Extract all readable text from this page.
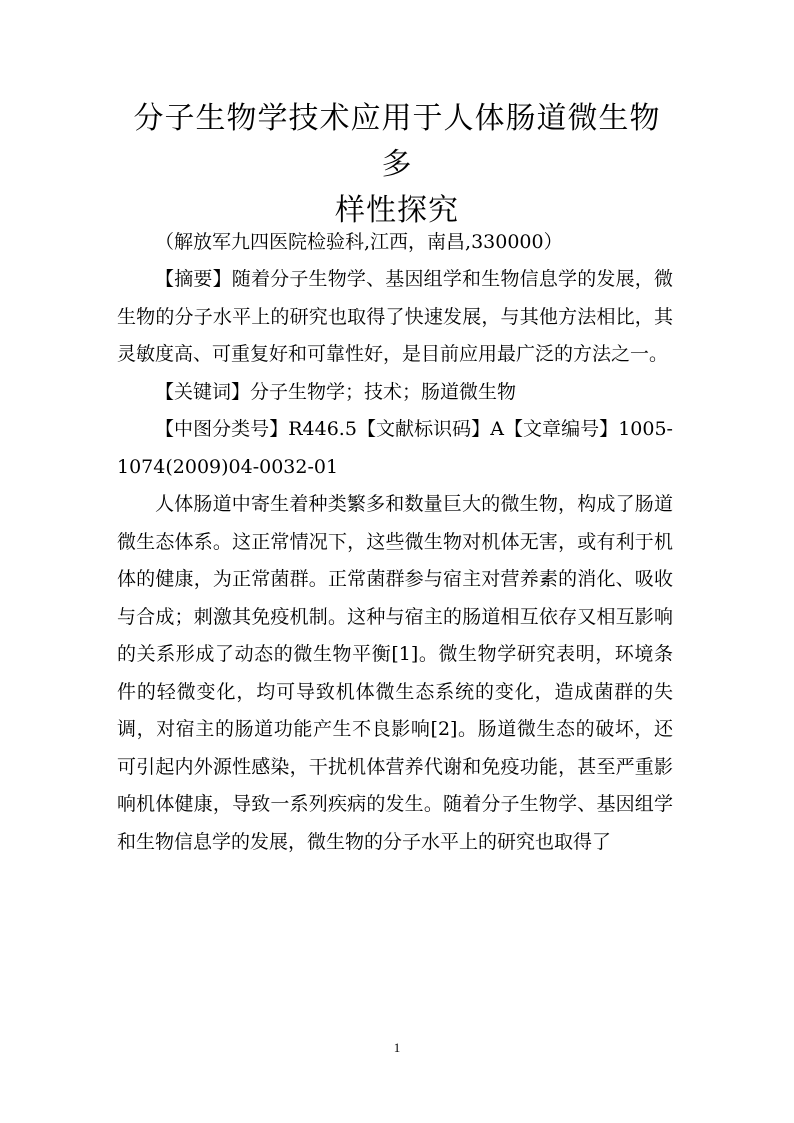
分子生物学技术应用于人体肠道微生物多
样性探究
（解放军九四医院检验科,江西，南昌,330000）

【摘要】随着分子生物学、基因组学和生物信息学的发展，微生物的分子水平上的研究也取得了快速发展，与其他方法相比，其灵敏度高、可重复好和可靠性好，是目前应用最广泛的方法之一。

【关键词】分子生物学；技术；肠道微生物

【中图分类号】R446.5【文献标识码】A【文章编号】1005-1074(2009)04-0032-01

人体肠道中寄生着种类繁多和数量巨大的微生物，构成了肠道微生态体系。这正常情况下，这些微生物对机体无害，或有利于机体的健康，为正常菌群。正常菌群参与宿主对营养素的消化、吸收与合成；刺激其免疫机制。这种与宿主的肠道相互依存又相互影响的关系形成了动态的微生物平衡[1]。微生物学研究表明，环境条件的轻微变化，均可导致机体微生态系统的变化，造成菌群的失调，对宿主的肠道功能产生不良影响[2]。肠道微生态的破坏，还可引起内外源性感染，干扰机体营养代谢和免疫功能，甚至严重影响机体健康，导致一系列疾病的发生。随着分子生物学、基因组学和生物信息学的发展，微生物的分子水平上的研究也取得了

1
